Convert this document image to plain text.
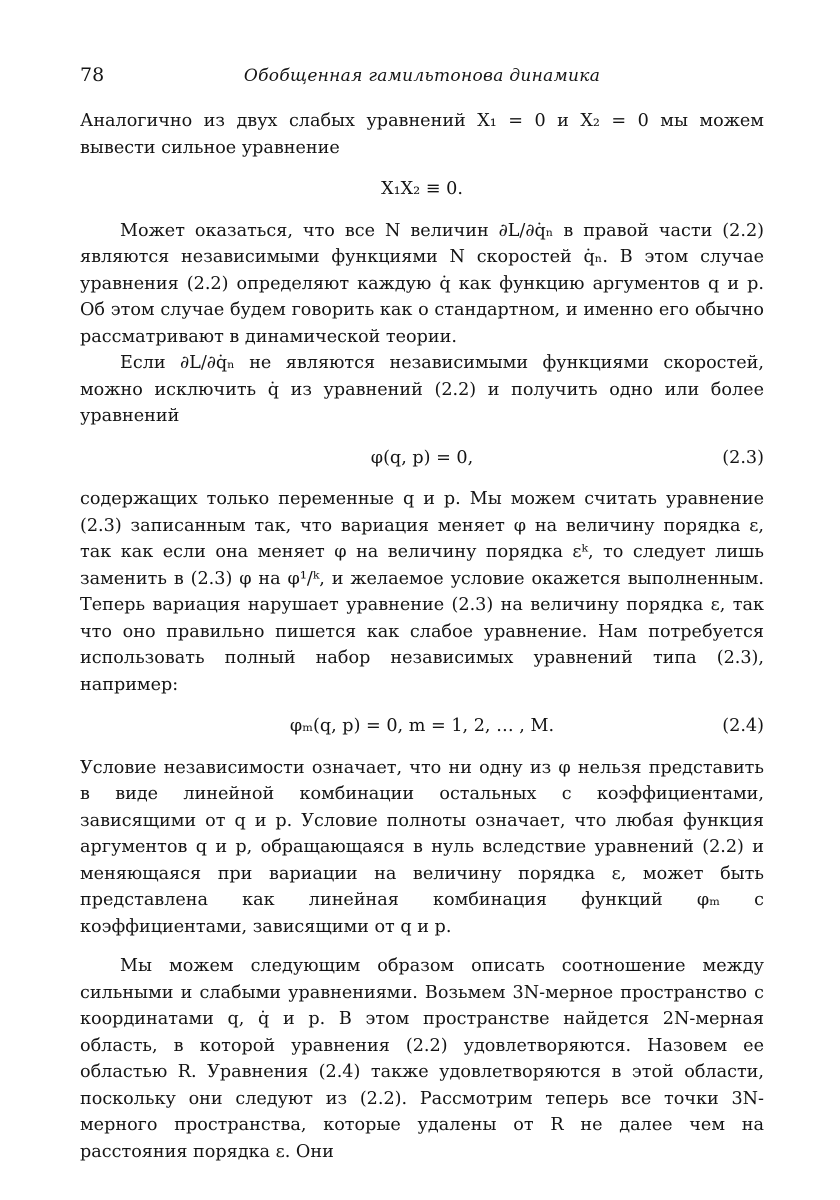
78	Обобщенная гамильтонова динамика

Аналогично из двух слабых уравнений X₁ = 0 и X₂ = 0 мы можем вывести сильное уравнение

X₁X₂ ≡ 0.

Может оказаться, что все N величин ∂L/∂q̇ₙ в правой части (2.2) являются независимыми функциями N скоростей q̇ₙ. В этом случае уравнения (2.2) определяют каждую q̇ как функцию аргументов q и p. Об этом случае будем говорить как о стандартном, и именно его обычно рассматривают в динамической теории.

Если ∂L/∂q̇ₙ не являются независимыми функциями скоростей, можно исключить q̇ из уравнений (2.2) и получить одно или более уравнений

φ(q, p) = 0,	(2.3)

содержащих только переменные q и p. Мы можем считать уравнение (2.3) записанным так, что вариация меняет φ на величину порядка ε, так как если она меняет φ на величину порядка εᵏ, то следует лишь заменить в (2.3) φ на φ¹/ᵏ, и желаемое условие окажется выполненным. Теперь вариация нарушает уравнение (2.3) на величину порядка ε, так что оно правильно пишется как слабое уравнение. Нам потребуется использовать полный набор независимых уравнений типа (2.3), например:

φₘ(q, p) = 0, m = 1, 2, … , M.	(2.4)

Условие независимости означает, что ни одну из φ нельзя представить в виде линейной комбинации остальных с коэффициентами, зависящими от q и p. Условие полноты означает, что любая функция аргументов q и p, обращающаяся в нуль вследствие уравнений (2.2) и меняющаяся при вариации на величину порядка ε, может быть представлена как линейная комбинация функций φₘ с коэффициентами, зависящими от q и p.

Мы можем следующим образом описать соотношение между сильными и слабыми уравнениями. Возьмем 3N-мерное пространство с координатами q, q̇ и p. В этом пространстве найдется 2N-мерная область, в которой уравнения (2.2) удовлетворяются. Назовем ее областью R. Уравнения (2.4) также удовлетворяются в этой области, поскольку они следуют из (2.2). Рассмотрим теперь все точки 3N-мерного пространства, которые удалены от R не далее чем на расстояния порядка ε. Они
